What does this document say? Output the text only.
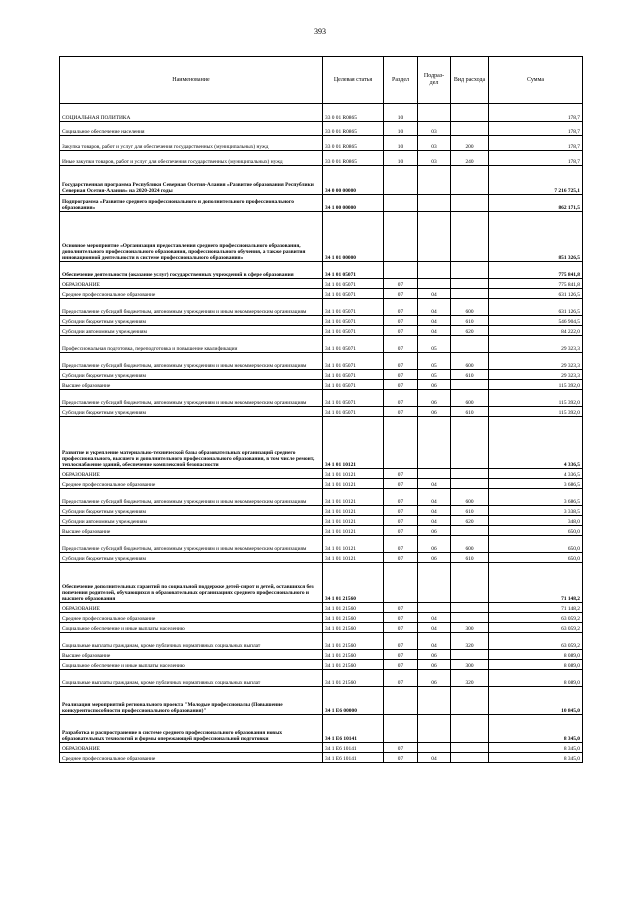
393
Наименование	Целевая статья	Раздел	Подраз-дел	Вид расхода	Сумма
СОЦИАЛЬНАЯ ПОЛИТИКА	33 0 01 R0865	10			178,7
Социальное обеспечение населения	33 0 01 R0865	10	03		178,7
Закупка товаров, работ и услуг для обеспечения государственных (муниципальных) нужд	33 0 01 R0865	10	03	200	178,7
Иные закупки товаров, работ и услуг для обеспечения государственных (муниципальных) нужд	33 0 01 R0865	10	03	240	178,7
Государственная программа Республики Северная Осетия-Алания «Развитие образования Республики Северная Осетия-Алания» на 2020-2024 годы	34 0 00 00000				7 216 725,1
Подпрограмма «Развитие среднего профессионального и дополнительного профессионального образования»	34 1 00 00000				862 171,5
Основное мероприятие «Организация предоставления среднего профессионального образования, дополнительного профессионального образования, профессионального обучения, а также развития инновационной деятельности в системе профессионального образования»	34 1 01 00000				851 326,5
Обеспечение деятельности (оказание услуг) государственных учреждений в сфере образования	34 1 01 05071				775 841,8
ОБРАЗОВАНИЕ	34 1 01 05071	07			775 841,8
Среднее профессиональное образование	34 1 01 05071	07	04		631 126,5
Предоставление субсидий бюджетным, автономным учреждениям и иным некоммерческим организациям	34 1 01 05071	07	04	600	631 126,5
Субсидии бюджетным учреждениям	34 1 01 05071	07	04	610	546 904,5
Субсидии автономным учреждениям	34 1 01 05071	07	04	620	84 222,0
Профессиональная подготовка, переподготовка и повышение квалификации	34 1 01 05071	07	05		29 323,3
Предоставление субсидий бюджетным, автономным учреждениям и иным некоммерческим организациям	34 1 01 05071	07	05	600	29 323,3
Субсидии бюджетным учреждениям	34 1 01 05071	07	05	610	29 323,3
Высшее образование	34 1 01 05071	07	06		115 392,0
Предоставление субсидий бюджетным, автономным учреждениям и иным некоммерческим организациям	34 1 01 05071	07	06	600	115 392,0
Субсидии бюджетным учреждениям	34 1 01 05071	07	06	610	115 392,0
Развитие и укрепление материально-технической базы образовательных организаций среднего профессионального, высшего и дополнительного профессионального образования, в том числе ремонт, теплоснабжение зданий, обеспечение комплексной безопасности	34 1 01 10121				4 336,5
ОБРАЗОВАНИЕ	34 1 01 10121	07			4 336,5
Среднее профессиональное образование	34 1 01 10121	07	04		3 686,5
Предоставление субсидий бюджетным, автономным учреждениям и иным некоммерческим организациям	34 1 01 10121	07	04	600	3 686,5
Субсидии бюджетным учреждениям	34 1 01 10121	07	04	610	3 338,5
Субсидии автономным учреждениям	34 1 01 10121	07	04	620	348,0
Высшее образование	34 1 01 10121	07	06		650,0
Предоставление субсидий бюджетным, автономным учреждениям и иным некоммерческим организациям	34 1 01 10121	07	06	600	650,0
Субсидии бюджетным учреждениям	34 1 01 10121	07	06	610	650,0
Обеспечение дополнительных гарантий по социальной поддержке детей-сирот и детей, оставшихся без попечения родителей, обучающихся в образовательных организациях среднего профессионального и высшего образования	34 1 01 21560				71 148,2
ОБРАЗОВАНИЕ	34 1 01 21560	07			71 148,2
Среднее профессиональное образование	34 1 01 21560	07	04		63 059,2
Социальное обеспечение и иные выплаты населению	34 1 01 21560	07	04	300	63 059,2
Социальные выплаты гражданам, кроме публичных нормативных социальных выплат	34 1 01 21560	07	04	320	63 059,2
Высшее образование	34 1 01 21560	07	06		8 089,0
Социальное обеспечение и иные выплаты населению	34 1 01 21560	07	06	300	8 089,0
Социальные выплаты гражданам, кроме публичных нормативных социальных выплат	34 1 01 21560	07	06	320	8 089,0
Реализация мероприятий регионального проекта "Молодые профессионалы (Повышение конкурентоспособности профессионального образования)"	34 1 E6 00000				10 845,0
Разработка и распространение в системе среднего профессионального образования новых образовательных технологий и формы опережающей профессиональной подготовки	34 1 E6 10141				8 345,0
ОБРАЗОВАНИЕ	34 1 E6 10141	07			8 345,0
Среднее профессиональное образование	34 1 E6 10141	07	04		8 345,0
